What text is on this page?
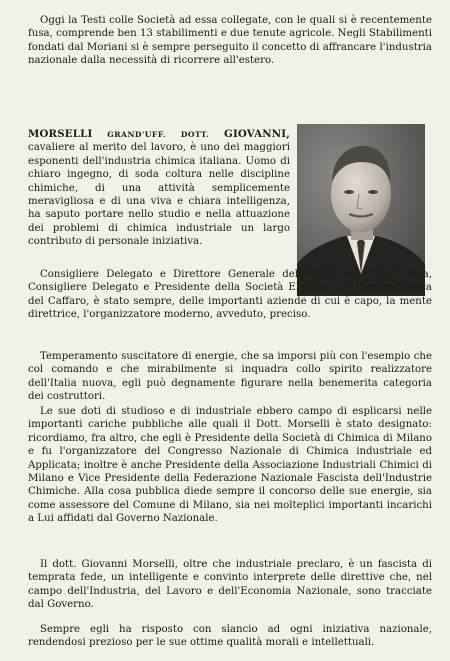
Oggi la Testi colle Società ad essa collegate, con le quali si è recentemente fusa, comprende ben 13 stabilimenti e due tenute agricole. Negli Stabilimenti fondati dal Moriani si è sempre perseguito il concetto di affrancare l'industria nazionale dalla necessità di ricorrere all'estero.

MORSELLI GRAND'UFF. DOTT. GIOVANNI, cavaliere al merito del lavoro, è uno dei maggiori esponenti dell'industria chimica italiana. Uomo di chiaro ingegno, di soda coltura nelle discipline chimiche, di una attività semplicemente meravigliosa e di una viva e chiara intelligenza, ha saputo portare nello studio e nella attuazione dei problemi di chimica industriale un largo contributo di personale iniziativa.

Consigliere Delegato e Direttore Generale della Soc. An. Carlo Erba, Consigliere Delegato e Presidente della Società Elettrica ed Elettrochimica del Caffaro, è stato sempre, delle importanti aziende di cui è capo, la mente direttrice, l'organizzatore moderno, avveduto, preciso.

Temperamento suscitatore di energie, che sa imporsi più con l'esempio che col comando e che mirabilmente si inquadra collo spirito realizzatore dell'Italia nuova, egli può degnamente figurare nella benemerita categoria dei costruttori.

Le sue doti di studioso e di industriale ebbero campo di esplicarsi nelle importanti cariche pubbliche alle quali il Dott. Morselli è stato designato: ricordiamo, fra altro, che egli è Presidente della Società di Chimica di Milano e fu l'organizzatore del Congresso Nazionale di Chimica industriale ed Applicata; inoltre è anche Presidente della Associazione Industriali Chimici di Milano e Vice Presidente della Federazione Nazionale Fascista dell'Industrie Chimiche. Alla cosa pubblica diede sempre il concorso delle sue energie, sia come assessore del Comune di Milano, sia nei molteplici importanti incarichi a Lui affidati dal Governo Nazionale.

Il dott. Giovanni Morselli, oltre che industriale preclaro, è un fascista di temprata fede, un intelligente e convinto interprete delle direttive che, nel campo dell'Industria, del Lavoro e dell'Economia Nazionale, sono tracciate dal Governo.

Sempre egli ha risposto con slancio ad ogni iniziativa nazionale, rendendosi prezioso per le sue ottime qualità morali e intellettuali.
